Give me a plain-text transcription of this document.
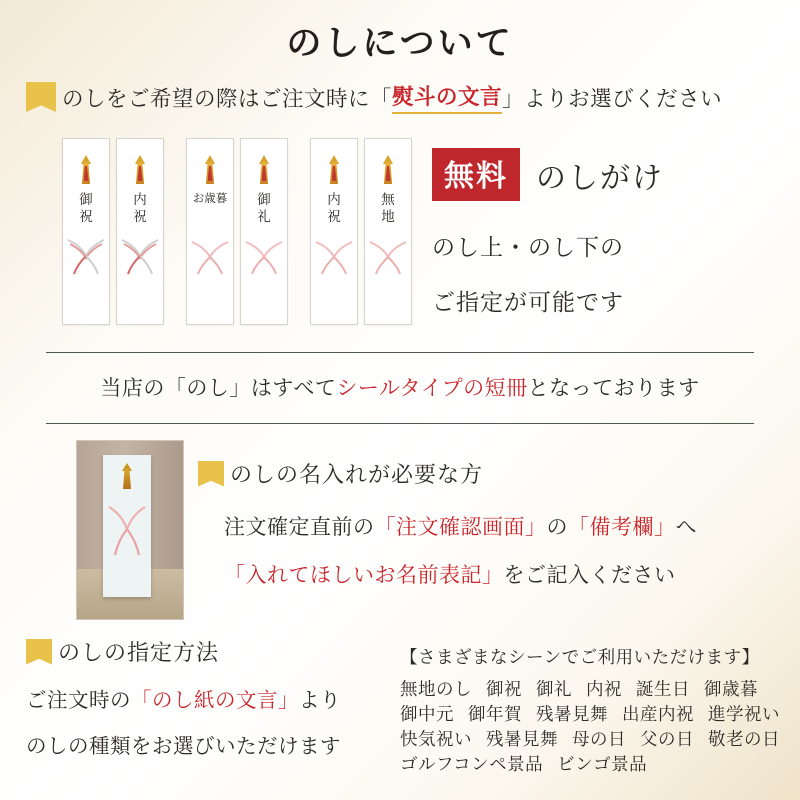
のしについて
のしをご希望の際はご注文時に 「 熨斗の文言 」 よりお選びください
御
祝
内
祝
お歳暮	御
礼
内
祝
無
地
無料 のしがけ
のし上・のし下の
ご指定が可能です

当店の「のし」はすべてシールタイプの短冊となっております

のしの名入れが必要な方
注文確定直前の「注文確認画面」の「備考欄」へ
「入れてほしいお名前表記」をご記入ください
のしの指定方法

ご注文時の「のし紙の文言」より

のしの種類をお選びいただけます

【さまざまなシーンでご利用いただけます】
無地のし 御祝 御礼 内祝 誕生日 御歳暮
御中元 御年賀 残暑見舞 出産内祝 進学祝い
快気祝い 残暑見舞 母の日 父の日 敬老の日
ゴルフコンペ景品 ビンゴ景品
